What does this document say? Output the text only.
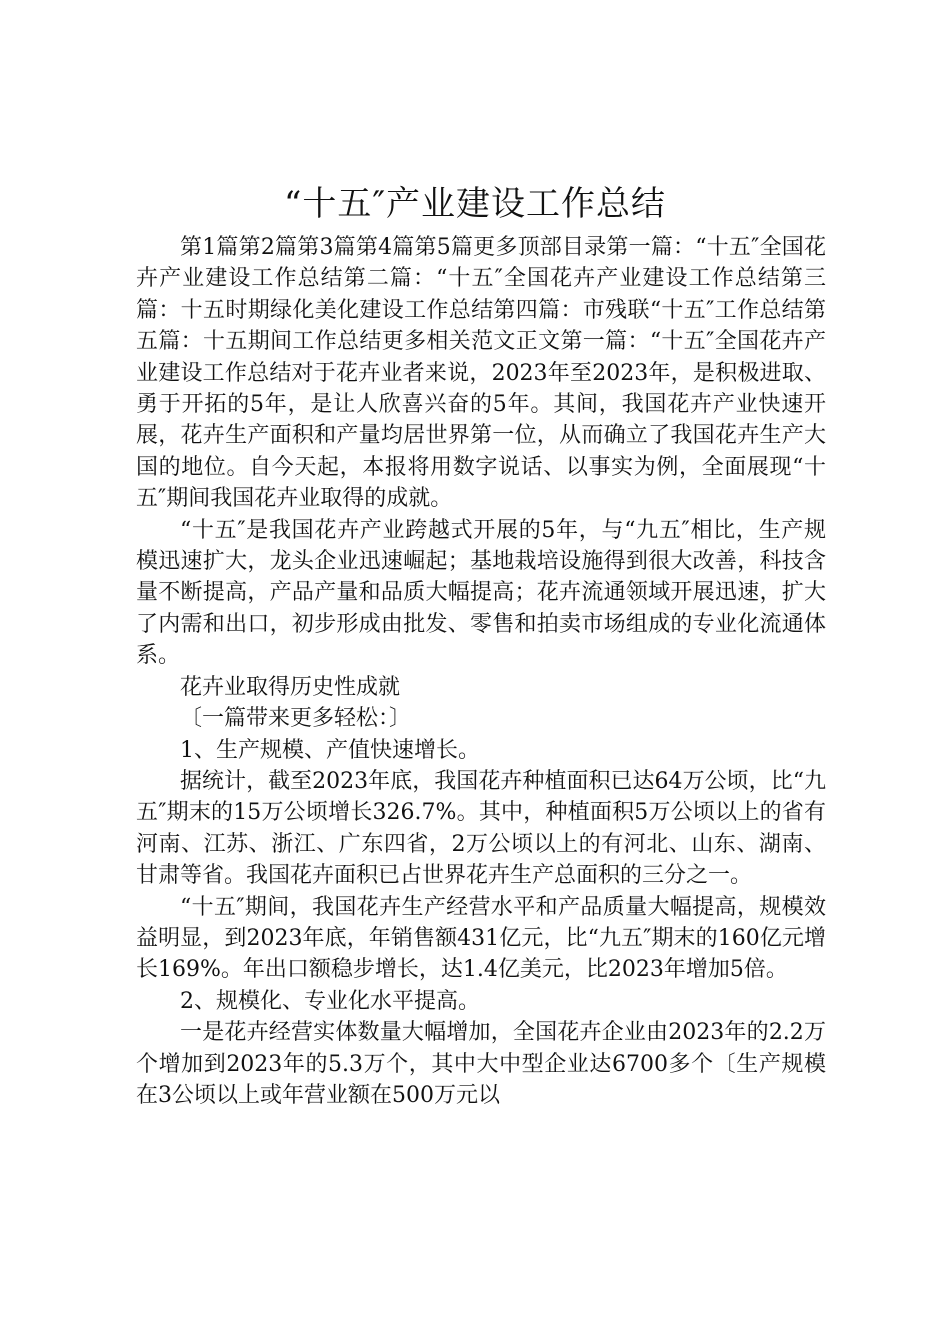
“十五″产业建设工作总结

第1篇第2篇第3篇第4篇第5篇更多顶部目录第一篇：“十五″全国花卉产业建设工作总结第二篇：“十五″全国花卉产业建设工作总结第三篇：十五时期绿化美化建设工作总结第四篇：市残联“十五″工作总结第五篇：十五期间工作总结更多相关范文正文第一篇：“十五″全国花卉产业建设工作总结对于花卉业者来说，2023年至2023年，是积极进取、勇于开拓的5年，是让人欣喜兴奋的5年。其间，我国花卉产业快速开展，花卉生产面积和产量均居世界第一位，从而确立了我国花卉生产大国的地位。自今天起，本报将用数字说话、以事实为例，全面展现“十五″期间我国花卉业取得的成就。

“十五″是我国花卉产业跨越式开展的5年，与“九五″相比，生产规模迅速扩大，龙头企业迅速崛起；基地栽培设施得到很大改善，科技含量不断提高，产品产量和品质大幅提高；花卉流通领域开展迅速，扩大了内需和出口，初步形成由批发、零售和拍卖市场组成的专业化流通体系。

花卉业取得历史性成就

〔一篇带来更多轻松：〕

1、生产规模、产值快速增长。

据统计，截至2023年底，我国花卉种植面积已达64万公顷，比“九五″期末的15万公顷增长326.7%。其中，种植面积5万公顷以上的省有河南、江苏、浙江、广东四省，2万公顷以上的有河北、山东、湖南、甘肃等省。我国花卉面积已占世界花卉生产总面积的三分之一。

“十五″期间，我国花卉生产经营水平和产品质量大幅提高，规模效益明显，到2023年底，年销售额431亿元，比“九五″期末的160亿元增长169%。年出口额稳步增长，达1.4亿美元，比2023年增加5倍。

2、规模化、专业化水平提高。

一是花卉经营实体数量大幅增加，全国花卉企业由2023年的2.2万个增加到2023年的5.3万个，其中大中型企业达6700多个〔生产规模在3公顷以上或年营业额在500万元以
